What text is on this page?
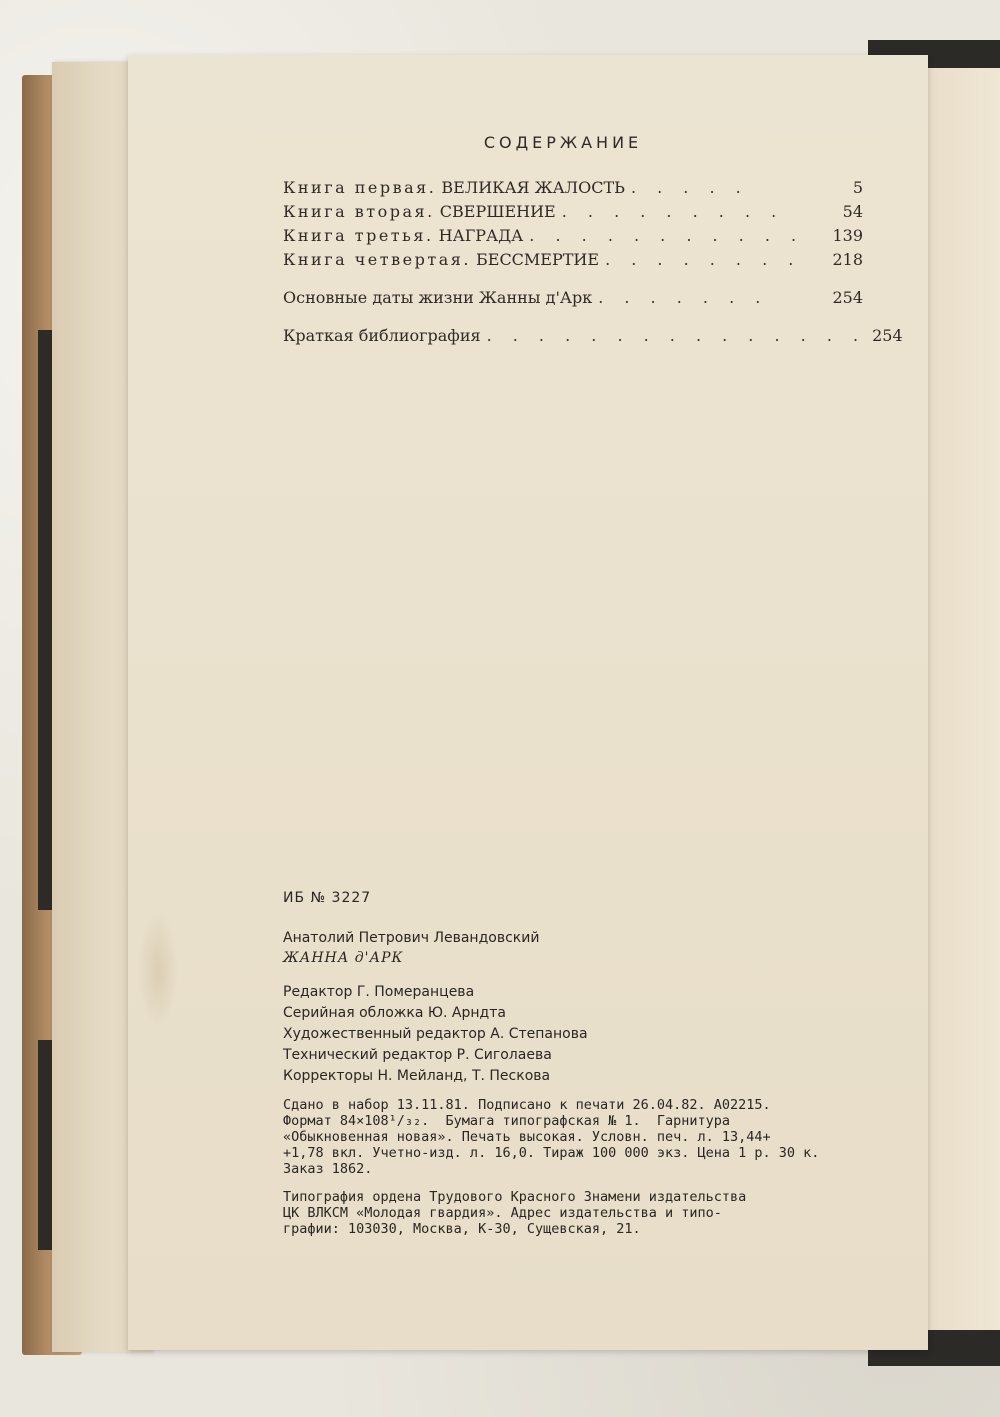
СОДЕРЖАНИЕ
Книга первая. ВЕЛИКАЯ ЖАЛОСТЬ . . . . .	5
Книга вторая. СВЕРШЕНИЕ . . . . . . . . .	54
Книга третья. НАГРАДА . . . . . . . . . . .	139
Книга четвертая. БЕССМЕРТИЕ . . . . . . . .	218
Основные даты жизни Жанны д'Арк . . . . . . .	254
Краткая библиография . . . . . . . . . . . . . . . 254
ИБ № 3227
Анатолий Петрович Левандовский
ЖАННА д'АРК
Редактор Г. Померанцева
Серийная обложка Ю. Арндта
Художественный редактор А. Степанова
Технический редактор Р. Сиголаева
Корректоры Н. Мейланд, Т. Пескова
Сдано в набор 13.11.81. Подписано к печати 26.04.82. А02215.
Формат 84×108¹/₃₂.  Бумага типографская № 1.  Гарнитура
«Обыкновенная новая». Печать высокая. Условн. печ. л. 13,44+
+1,78 вкл. Учетно-изд. л. 16,0. Тираж 100 000 экз. Цена 1 р. 30 к.
Заказ 1862.
Типография ордена Трудового Красного Знамени издательства
ЦК ВЛКСМ «Молодая гвардия». Адрес издательства и типо-
графии: 103030, Москва, К-30, Сущевская, 21.
